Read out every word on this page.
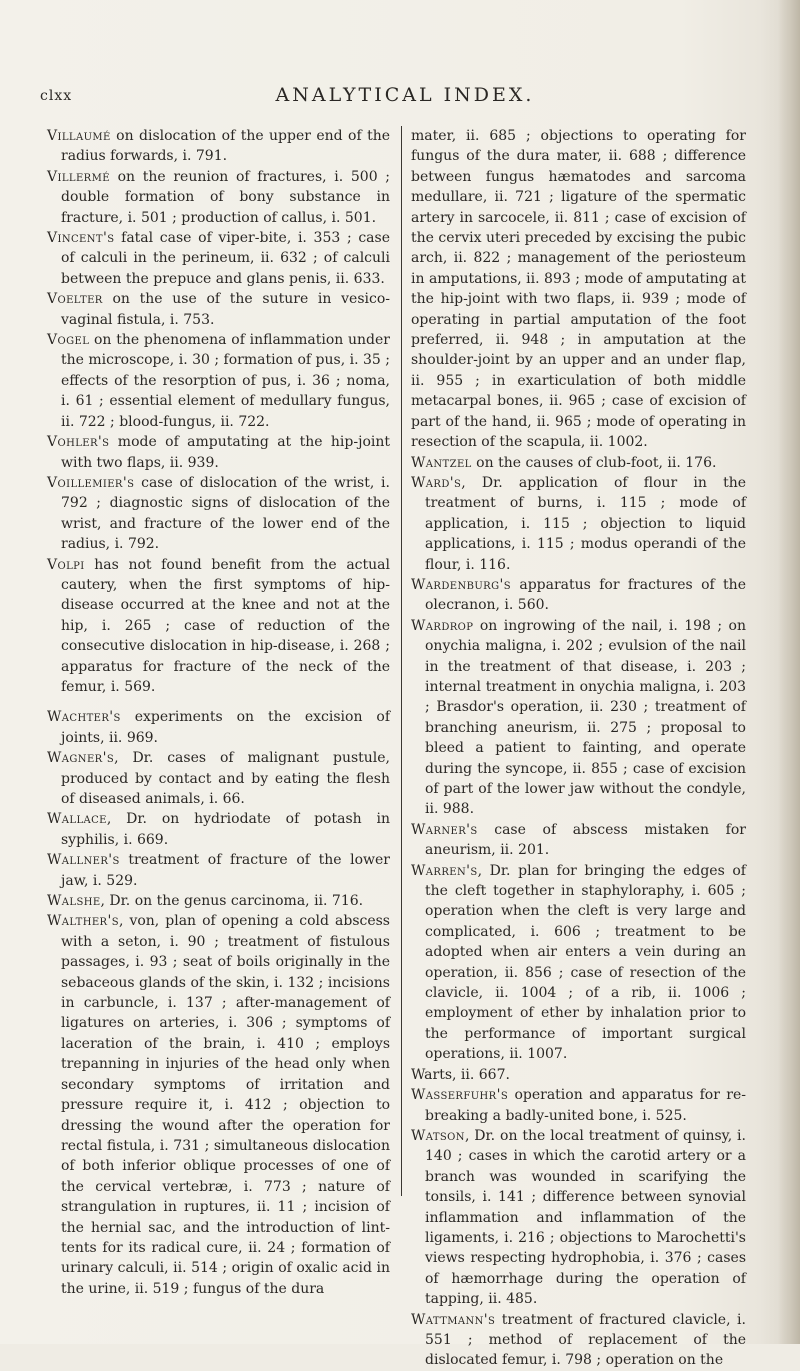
clxx	ANALYTICAL INDEX.

Villaumé on dislocation of the upper end of the radius forwards, i. 791.

Villermé on the reunion of fractures, i. 500 ; double formation of bony substance in fracture, i. 501 ; production of callus, i. 501.

Vincent's fatal case of viper-bite, i. 353 ; case of calculi in the perineum, ii. 632 ; of calculi between the prepuce and glans penis, ii. 633.

Voelter on the use of the suture in vesico-vaginal fistula, i. 753.

Vogel on the phenomena of inflammation under the microscope, i. 30 ; formation of pus, i. 35 ; effects of the resorption of pus, i. 36 ; noma, i. 61 ; essential element of medullary fungus, ii. 722 ; blood-fungus, ii. 722.

Vohler's mode of amputating at the hip-joint with two flaps, ii. 939.

Voillemier's case of dislocation of the wrist, i. 792 ; diagnostic signs of dislocation of the wrist, and fracture of the lower end of the radius, i. 792.

Volpi has not found benefit from the actual cautery, when the first symptoms of hip-disease occurred at the knee and not at the hip, i. 265 ; case of reduction of the consecutive dislocation in hip-disease, i. 268 ; apparatus for fracture of the neck of the femur, i. 569.

Wachter's experiments on the excision of joints, ii. 969.

Wagner's, Dr. cases of malignant pustule, produced by contact and by eating the flesh of diseased animals, i. 66.

Wallace, Dr. on hydriodate of potash in syphilis, i. 669.

Wallner's treatment of fracture of the lower jaw, i. 529.

Walshe, Dr. on the genus carcinoma, ii. 716.

Walther's, von, plan of opening a cold abscess with a seton, i. 90 ; treatment of fistulous passages, i. 93 ; seat of boils originally in the sebaceous glands of the skin, i. 132 ; incisions in carbuncle, i. 137 ; after-management of ligatures on arteries, i. 306 ; symptoms of laceration of the brain, i. 410 ; employs trepanning in injuries of the head only when secondary symptoms of irritation and pressure require it, i. 412 ; objection to dressing the wound after the operation for rectal fistula, i. 731 ; simultaneous dislocation of both inferior oblique processes of one of the cervical vertebræ, i. 773 ; nature of strangulation in ruptures, ii. 11 ; incision of the hernial sac, and the introduction of lint-tents for its radical cure, ii. 24 ; formation of urinary calculi, ii. 514 ; origin of oxalic acid in the urine, ii. 519 ; fungus of the dura

mater, ii. 685 ; objections to operating for fungus of the dura mater, ii. 688 ; difference between fungus hæmatodes and sarcoma medullare, ii. 721 ; ligature of the spermatic artery in sarcocele, ii. 811 ; case of excision of the cervix uteri preceded by excising the pubic arch, ii. 822 ; management of the periosteum in amputations, ii. 893 ; mode of amputating at the hip-joint with two flaps, ii. 939 ; mode of operating in partial amputation of the foot preferred, ii. 948 ; in amputation at the shoulder-joint by an upper and an under flap, ii. 955 ; in exarticulation of both middle metacarpal bones, ii. 965 ; case of excision of part of the hand, ii. 965 ; mode of operating in resection of the scapula, ii. 1002.

Wantzel on the causes of club-foot, ii. 176.

Ward's, Dr. application of flour in the treatment of burns, i. 115 ; mode of application, i. 115 ; objection to liquid applications, i. 115 ; modus operandi of the flour, i. 116.

Wardenburg's apparatus for fractures of the olecranon, i. 560.

Wardrop on ingrowing of the nail, i. 198 ; on onychia maligna, i. 202 ; evulsion of the nail in the treatment of that disease, i. 203 ; internal treatment in onychia maligna, i. 203 ; Brasdor's operation, ii. 230 ; treatment of branching aneurism, ii. 275 ; proposal to bleed a patient to fainting, and operate during the syncope, ii. 855 ; case of excision of part of the lower jaw without the condyle, ii. 988.

Warner's case of abscess mistaken for aneurism, ii. 201.

Warren's, Dr. plan for bringing the edges of the cleft together in staphyloraphy, i. 605 ; operation when the cleft is very large and complicated, i. 606 ; treatment to be adopted when air enters a vein during an operation, ii. 856 ; case of resection of the clavicle, ii. 1004 ; of a rib, ii. 1006 ; employment of ether by inhalation prior to the performance of important surgical operations, ii. 1007.

Warts, ii. 667.

Wasserfuhr's operation and apparatus for re-breaking a badly-united bone, i. 525.

Watson, Dr. on the local treatment of quinsy, i. 140 ; cases in which the carotid artery or a branch was wounded in scarifying the tonsils, i. 141 ; difference between synovial inflammation and inflammation of the ligaments, i. 216 ; objections to Marochetti's views respecting hydrophobia, i. 376 ; cases of hæmorrhage during the operation of tapping, ii. 485.

Wattmann's treatment of fractured clavicle, i. 551 ; method of replacement of the dislocated femur, i. 798 ; operation on the
